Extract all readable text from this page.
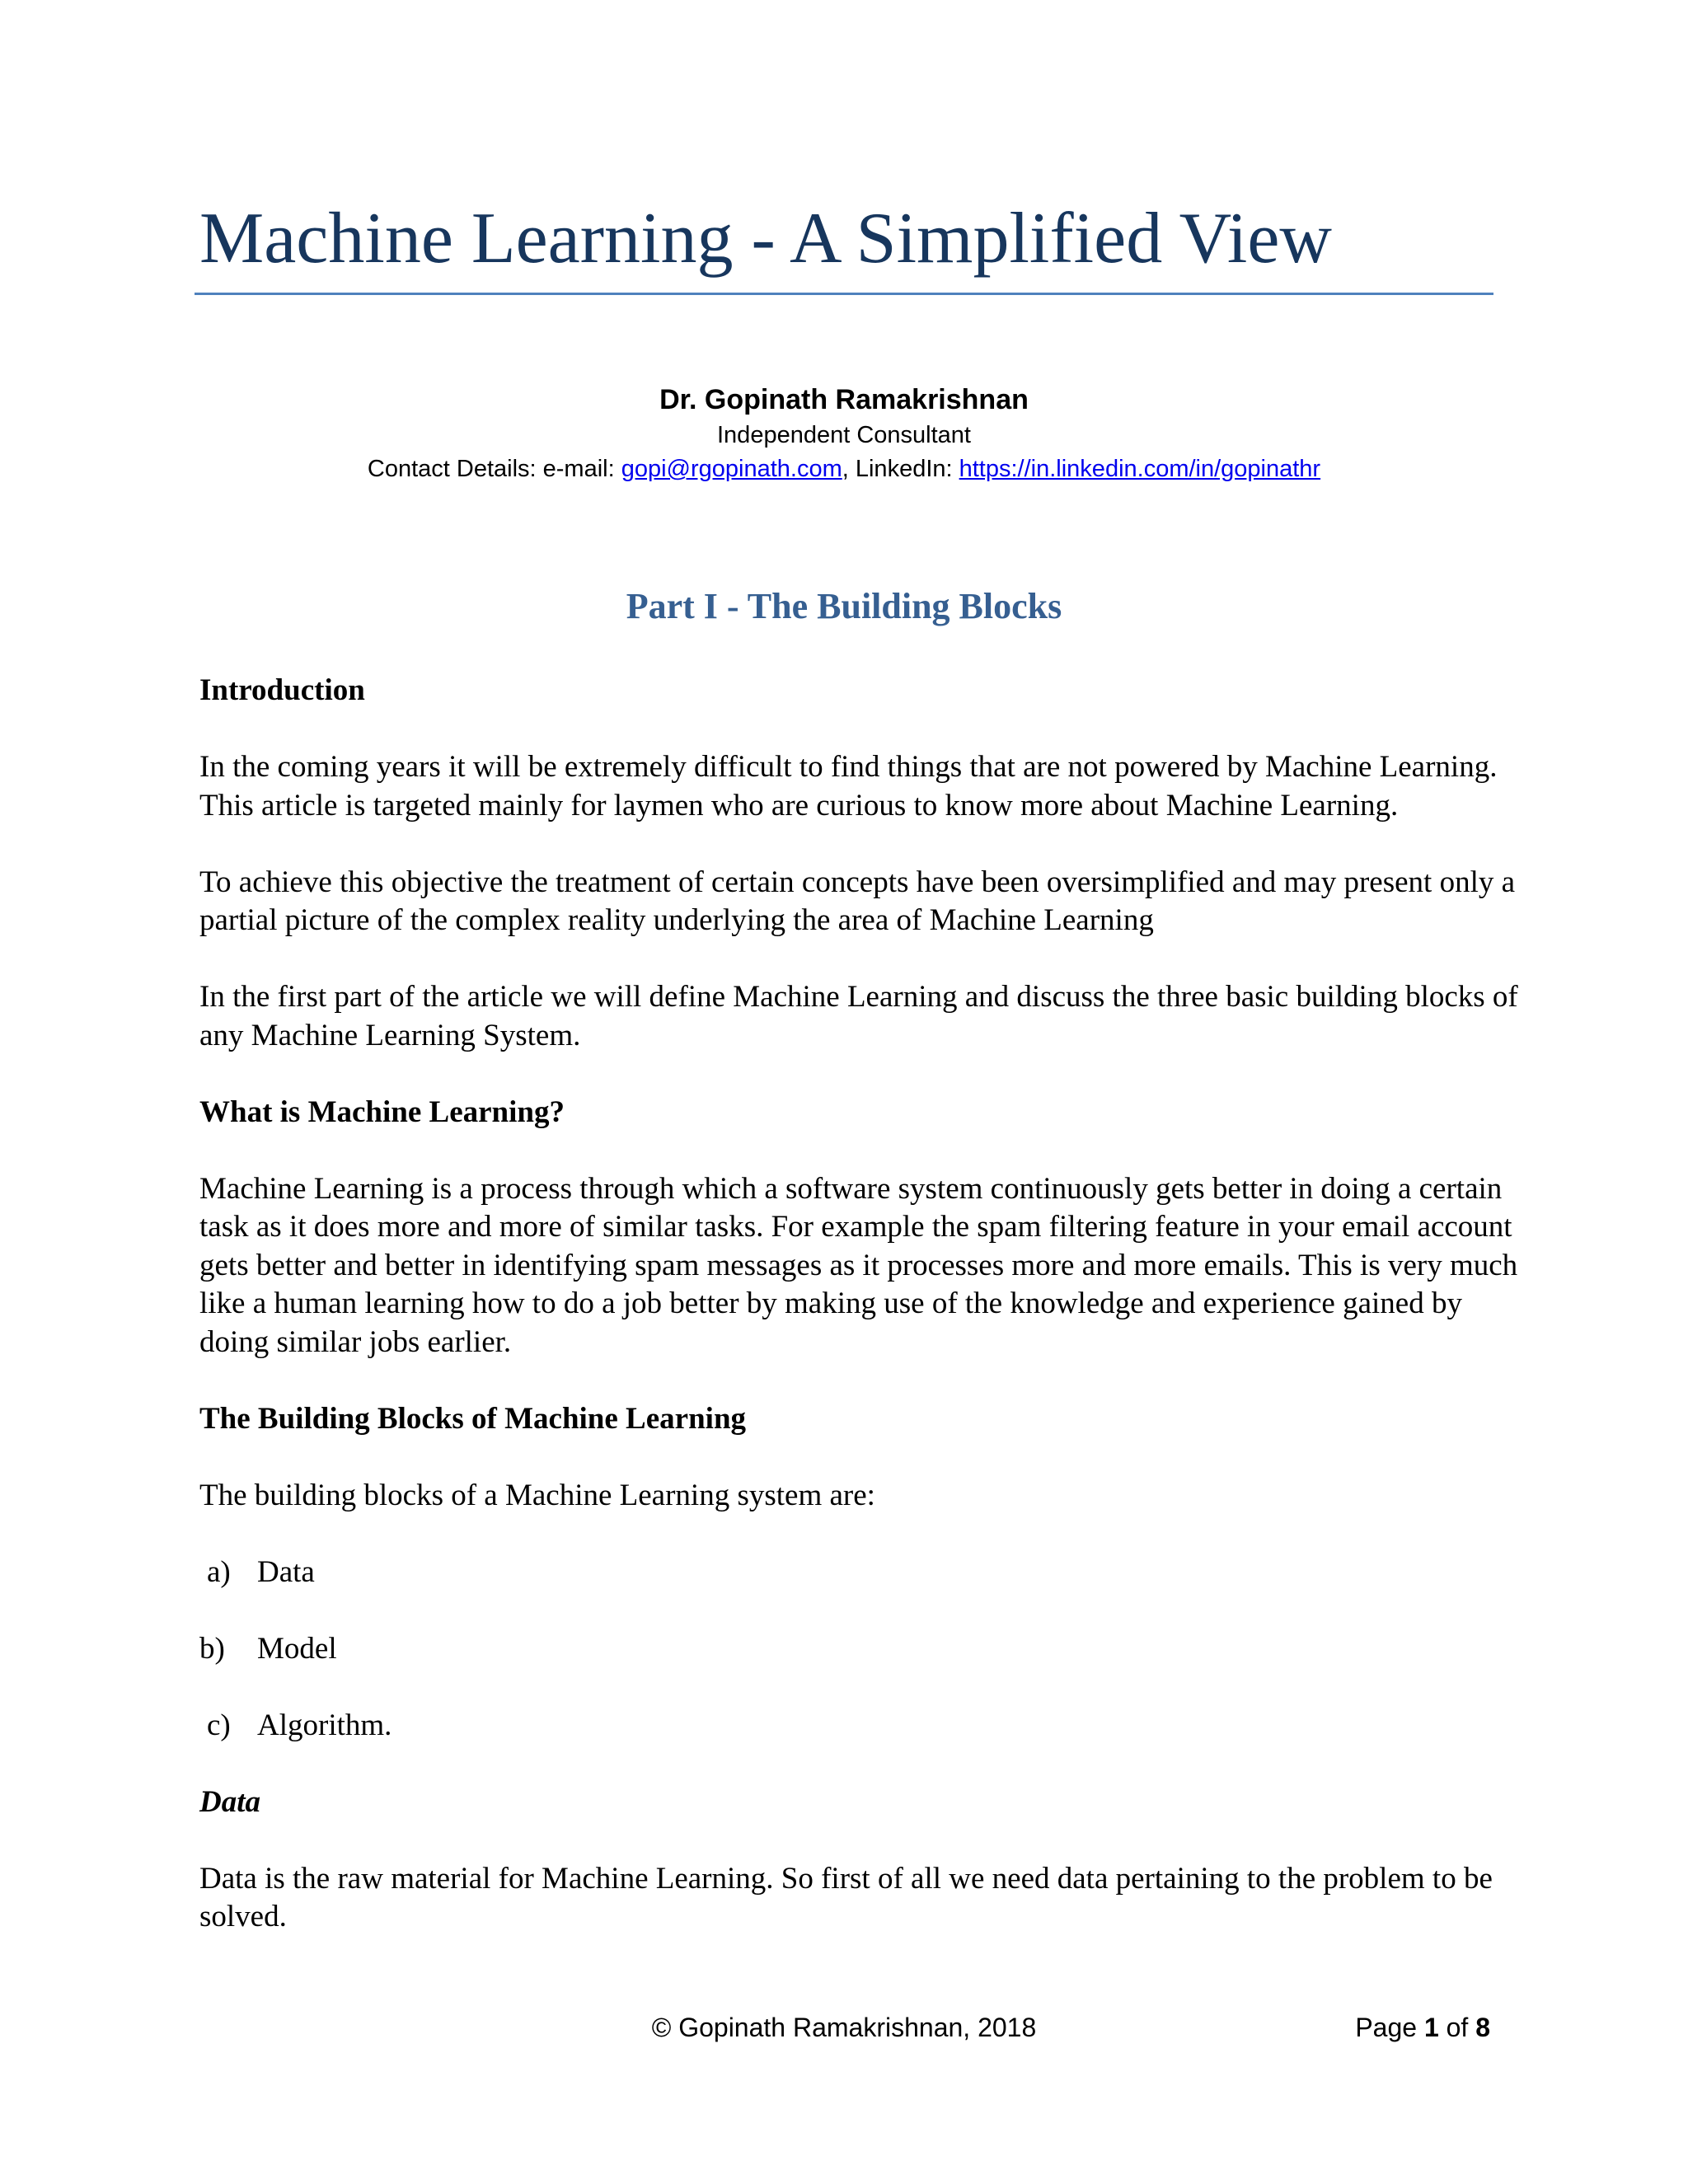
Machine Learning - A Simplified View
Dr. Gopinath Ramakrishnan
Independent Consultant
Contact Details: e-mail: gopi@rgopinath.com, LinkedIn: https://in.linkedin.com/in/gopinathr
Part I - The Building Blocks
Introduction

In the coming years it will be extremely difficult to find things that are not powered by Machine Learning. This article is targeted mainly for laymen who are curious to know more about Machine Learning.

To achieve this objective the treatment of certain concepts have been oversimplified and may present only a partial picture of the complex reality underlying the area of Machine Learning

In the first part of the article we will define Machine Learning and discuss the three basic building blocks of any Machine Learning System.

What is Machine Learning?

Machine Learning is a process through which a software system continuously gets better in doing a certain task as it does more and more of similar tasks. For example the spam filtering feature in your email account gets better and better in identifying spam messages as it processes more and more emails. This is very much like a human learning how to do a job better by making use of the knowledge and experience gained by doing similar jobs earlier.

The Building Blocks of Machine Learning

The building blocks of a Machine Learning system are:

a) Data
b)	Model
c) Algorithm.
Data

Data is the raw material for Machine Learning. So first of all we need data pertaining to the problem to be solved.

© Gopinath Ramakrishnan, 2018	Page 1 of 8
